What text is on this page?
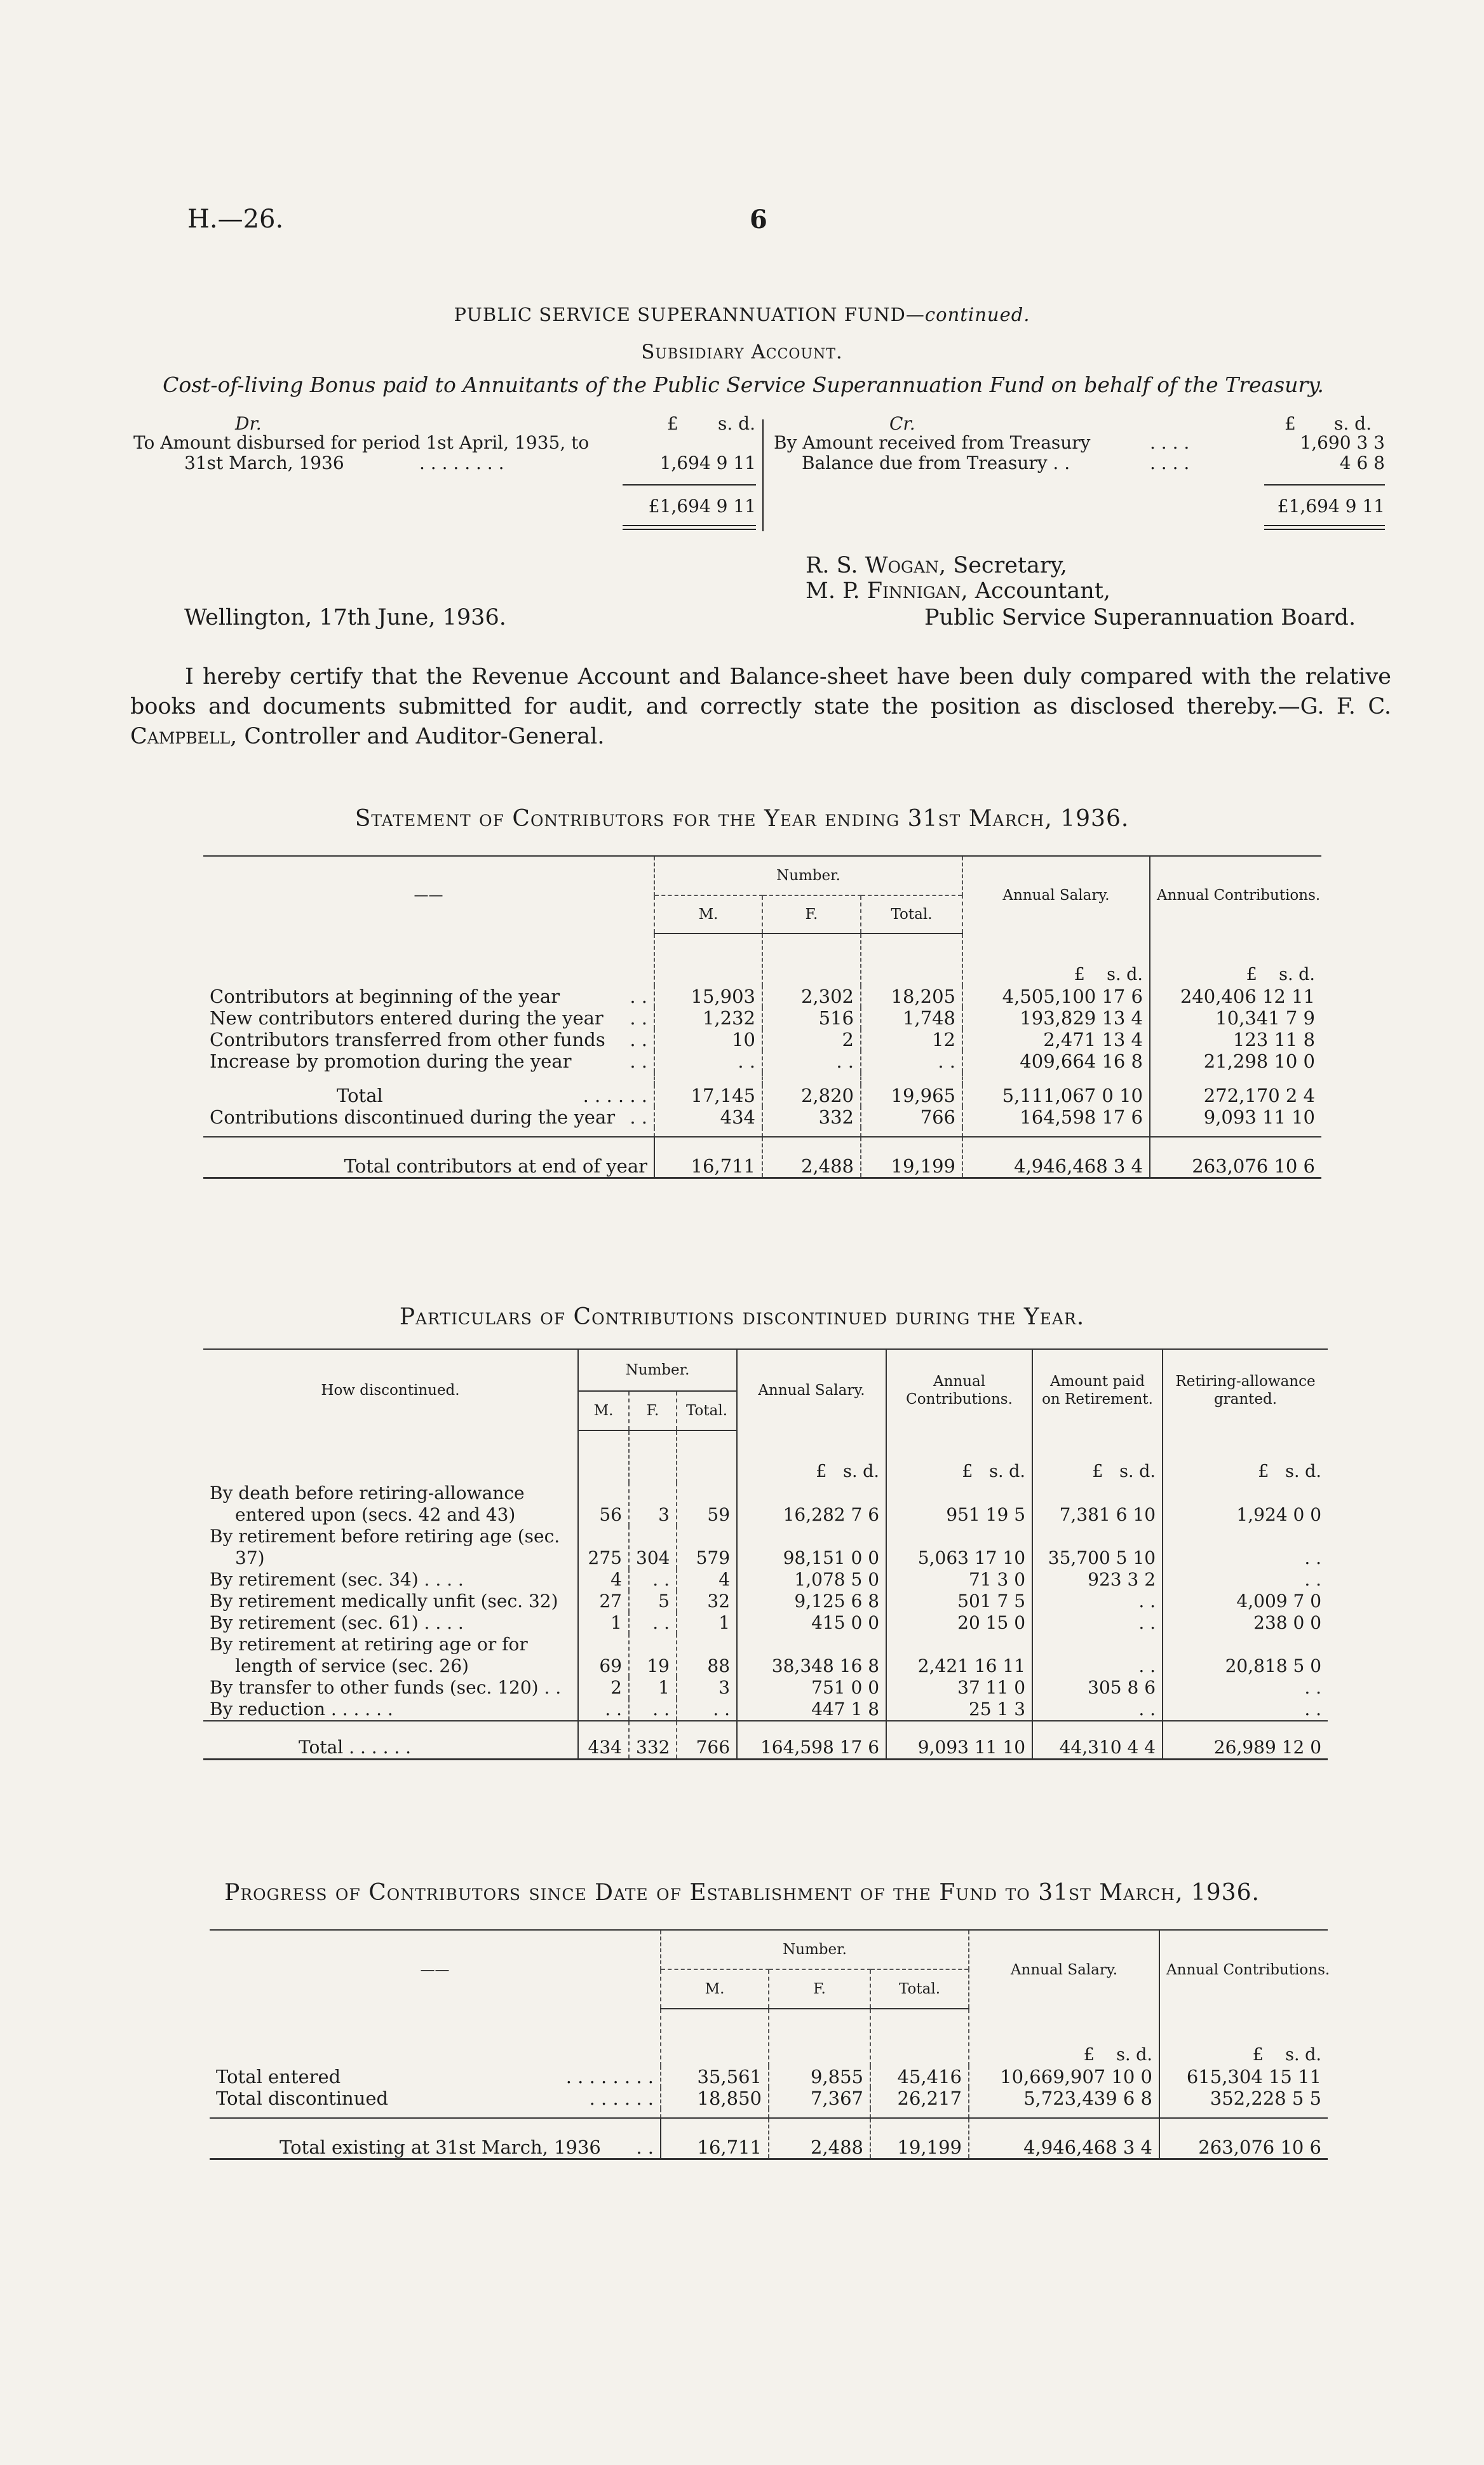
H.—26.	6
PUBLIC SERVICE SUPERANNUATION FUND—continued.
Subsidiary Account.
Cost-of-living Bonus paid to Annuitants of the Public Service Superannuation Fund on behalf of the Treasury.
Dr.	£ s. d.
To Amount disbursed for period 1st April, 1935, to
31st March, 1936	. . . . . . . .	1,694 9 11
£1,694 9 11
Cr.	£ s. d.
By Amount received from Treasury	. . . .	1,690 3 3
Balance due from Treasury . .	. . . .	4 6 8
£1,694 9 11
R. S. Wogan, Secretary,
M. P. Finnigan, Accountant,
Public Service Superannuation Board.
Wellington, 17th June, 1936.
I hereby certify that the Revenue Account and Balance-sheet have been duly compared with the relative books and documents submitted for audit, and correctly state the position as disclosed thereby.—G. F. C. Campbell, Controller and Auditor-General.
Statement of Contributors for the Year ending 31st March, 1936.
——	Number.			Annual Salary.	Annual Contributions.
	M.	F.	Total.		
				£ s. d.	£ s. d.
Contributors at beginning of the year . .	15,903	2,302	18,205	4,505,100 17 6	240,406 12 11
New contributors entered during the year . .	1,232	516	1,748	193,829 13 4	10,341 7 9
Contributors transferred from other funds . .	10	2	12	2,471 13 4	123 11 8
Increase by promotion during the year . .	. .	. .	. .	409,664 16 8	21,298 10 0

Total . . . . . .	17,145	2,820	19,965	5,111,067 0 10	272,170 2 4
Contributions discontinued during the year . .	434	332	766	164,598 17 6	9,093 11 10

Total contributors at end of year	16,711	2,488	19,199	4,946,468 3 4	263,076 10 6
Particulars of Contributions discontinued during the Year.
How discontinued.	Number.			Annual Salary.	Annual Contributions.	Amount paid on Retirement.	Retiring-allowance granted.
	M.	F.	Total.				
				£ s. d.	£ s. d.	£ s. d.	£ s. d.
By death before retiring-allowance entered upon (secs. 42 and 43)	56	3	59	16,282 7 6	951 19 5	7,381 6 10	1,924 0 0
By retirement before retiring age (sec. 37)	275	304	579	98,151 0 0	5,063 17 10	35,700 5 10	. .
By retirement (sec. 34) . . . .	4	. .	4	1,078 5 0	71 3 0	923 3 2	. .
By retirement medically unfit (sec. 32)	27	5	32	9,125 6 8	501 7 5	. .	4,009 7 0
By retirement (sec. 61) . . . .	1	. .	1	415 0 0	20 15 0	. .	238 0 0
By retirement at retiring age or for length of service (sec. 26)	69	19	88	38,348 16 8	2,421 16 11	. .	20,818 5 0
By transfer to other funds (sec. 120) . .	2	1	3	751 0 0	37 11 0	305 8 6	. .
By reduction . . . . . .	. .	. .	. .	447 1 8	25 1 3	. .	. .
Total . . . . . .	434	332	766	164,598 17 6	9,093 11 10	44,310 4 4	26,989 12 0
Progress of Contributors since Date of Establishment of the Fund to 31st March, 1936.
——	Number.			Annual Salary.	Annual Contributions.
	M.	F.	Total.		
				£ s. d.	£ s. d.
Total entered . . . . . . . .	35,561	9,855	45,416	10,669,907 10 0	615,304 15 11
Total discontinued . . . . . .	18,850	7,367	26,217	5,723,439 6 8	352,228 5 5

Total existing at 31st March, 1936 . .	16,711	2,488	19,199	4,946,468 3 4	263,076 10 6
